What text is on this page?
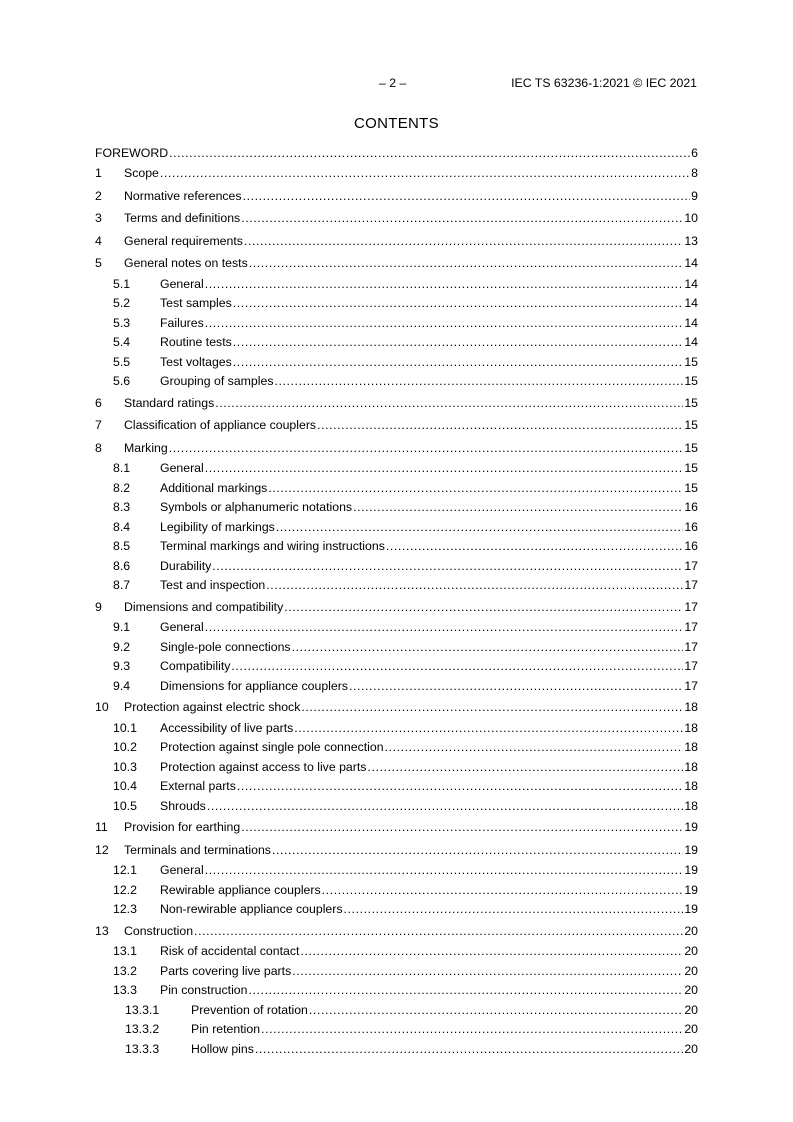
– 2 –	IEC TS 63236-1:2021 © IEC 2021
CONTENTS
FOREWORD .....	6
1 Scope .....	8
2 Normative references .....	9
3 Terms and definitions .....	10
4 General requirements .....	13
5 General notes on tests .....	14
5.1 General .....	14
5.2 Test samples .....	14
5.3 Failures .....	14
5.4 Routine tests .....	14
5.5 Test voltages .....	15
5.6 Grouping of samples .....	15
6 Standard ratings .....	15
7 Classification of appliance couplers .....	15
8 Marking .....	15
8.1 General .....	15
8.2 Additional markings .....	15
8.3 Symbols or alphanumeric notations .....	16
8.4 Legibility of markings .....	16
8.5 Terminal markings and wiring instructions .....	16
8.6 Durability .....	17
8.7 Test and inspection .....	17
9 Dimensions and compatibility .....	17
9.1 General .....	17
9.2 Single-pole connections .....	17
9.3 Compatibility .....	17
9.4 Dimensions for appliance couplers .....	17
10 Protection against electric shock .....	18
10.1 Accessibility of live parts .....	18
10.2 Protection against single pole connection .....	18
10.3 Protection against access to live parts .....	18
10.4 External parts .....	18
10.5 Shrouds .....	18
11 Provision for earthing .....	19
12 Terminals and terminations .....	19
12.1 General .....	19
12.2 Rewirable appliance couplers .....	19
12.3 Non-rewirable appliance couplers .....	19
13 Construction .....	20
13.1 Risk of accidental contact .....	20
13.2 Parts covering live parts .....	20
13.3 Pin construction .....	20
13.3.1	Prevention of rotation .....	20
13.3.2	Pin retention .....	20
13.3.3	Hollow pins .....	20
